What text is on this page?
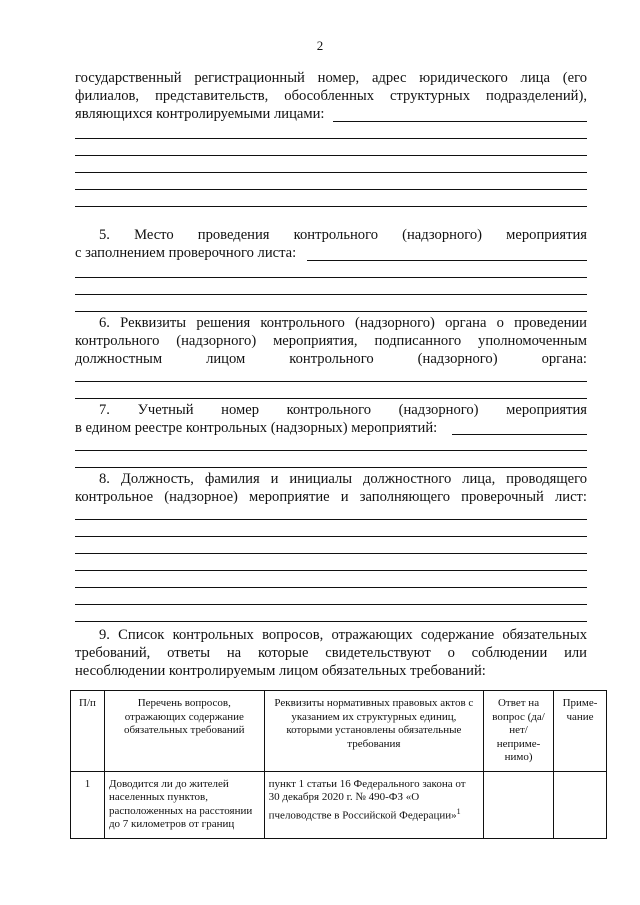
2
государственный регистрационный номер, адрес юридического лица (его
филиалов, представительств, обособленных структурных подразделений),
являющихся контролируемыми лицами:
5. Место проведения контрольного (надзорного) мероприятия
с заполнением проверочного листа:
6. Реквизиты решения контрольного (надзорного) органа о проведении
контрольного (надзорного) мероприятия, подписанного уполномоченным
должностным лицом контрольного (надзорного) органа:
7. Учетный номер контрольного (надзорного) мероприятия
в едином реестре контрольных (надзорных) мероприятий:
8. Должность, фамилия и инициалы должностного лица, проводящего
контрольное (надзорное) мероприятие и заполняющего проверочный лист:
9. Список контрольных вопросов, отражающих содержание обязательных
требований, ответы на которые свидетельствуют о соблюдении или
несоблюдении контролируемым лицом обязательных требований:
П/п	Перечень вопросов, отражающих содержание обязательных требований	Реквизиты нормативных правовых актов с указанием их структурных единиц, которыми установлены обязательные требования	Ответ на вопрос (да/нет/ неприме- нимо)	Приме- чание
1	Доводится ли до жителей населенных пунктов, расположенных на расстоянии до 7 километров от границ	пункт 1 статьи 16 Федерального закона от 30 декабря 2020 г. № 490-ФЗ «О пчеловодстве в Российской Федерации»$^1$		
